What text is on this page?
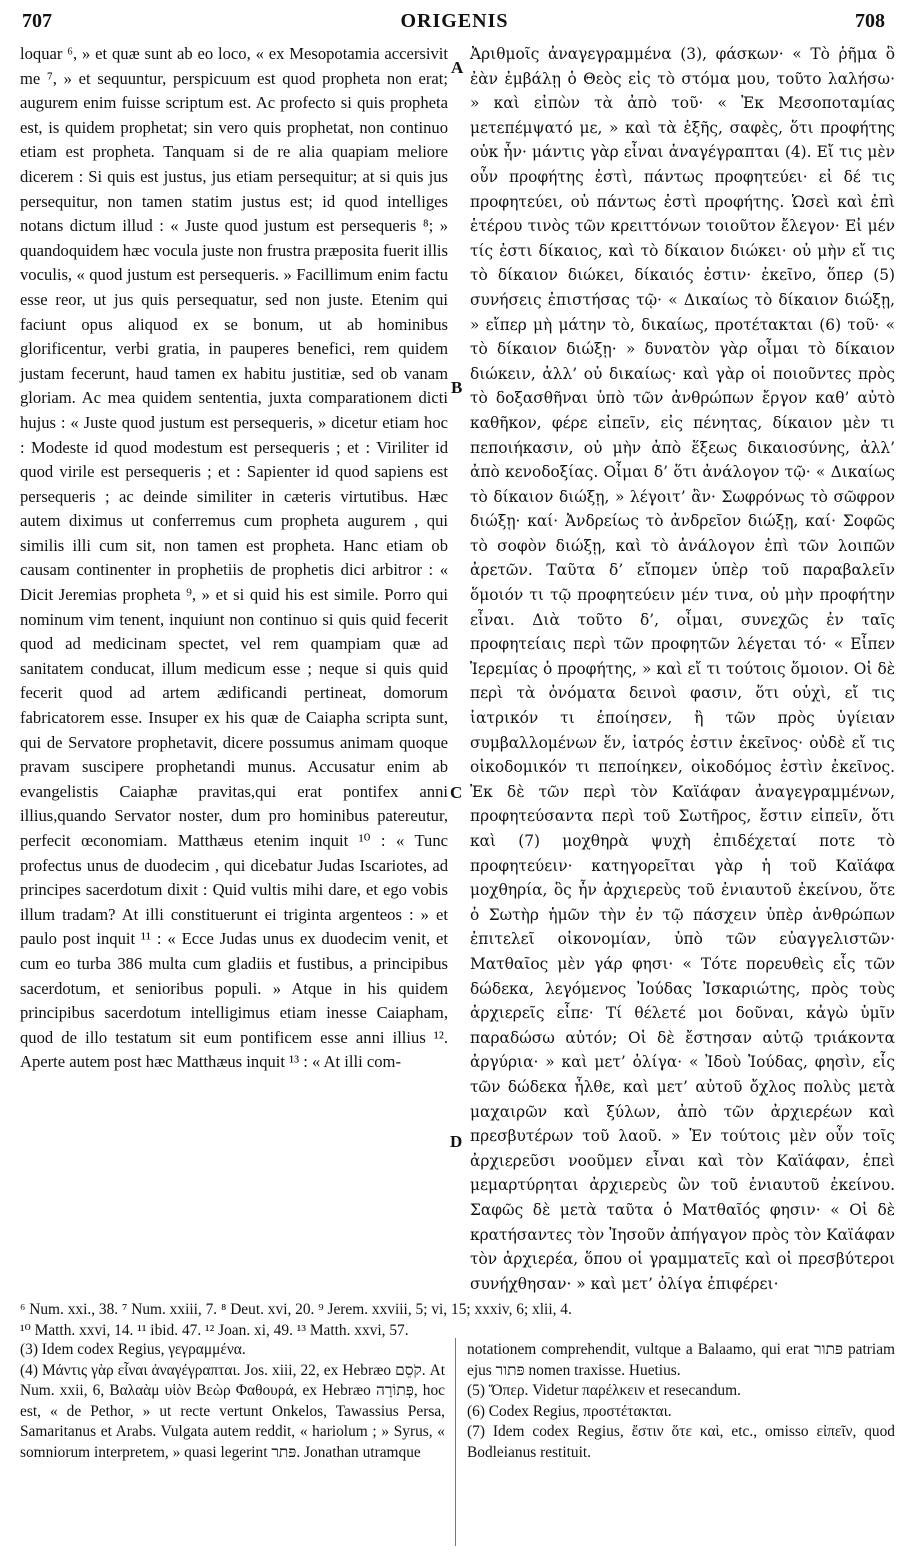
707	ORIGENIS	708

loquar ⁶, » et quæ sunt ab eo loco, « ex Mesopotamia accersivit me ⁷, » et sequuntur, perspicuum est quod propheta non erat; augurem enim fuisse scriptum est. Ac profecto si quis propheta est, is quidem prophetat; sin vero quis prophetat, non continuo etiam est propheta. Tanquam si de re alia quapiam meliore dicerem : Si quis est justus, jus etiam persequitur; at si quis jus persequitur, non tamen statim justus est; id quod intelliges notans dictum illud : « Juste quod justum est persequeris ⁸; » quandoquidem hæc vocula juste non frustra præposita fuerit illis voculis, « quod justum est persequeris. » Facillimum enim factu esse reor, ut jus quis persequatur, sed non juste. Etenim qui faciunt opus aliquod ex se bonum, ut ab hominibus glorificentur, verbi gratia, in pauperes benefici, rem quidem justam fecerunt, haud tamen ex habitu justitiæ, sed ob vanam gloriam. Ac mea quidem sententia, juxta comparationem dicti hujus : « Juste quod justum est persequeris, » dicetur etiam hoc : Modeste id quod modestum est persequeris ; et : Viriliter id quod virile est persequeris ; et : Sapienter id quod sapiens est persequeris ; ac deinde similiter in cæteris virtutibus. Hæc autem diximus ut conferremus cum propheta augurem , qui similis illi cum sit, non tamen est propheta. Hanc etiam ob causam continenter in prophetiis de prophetis dici arbitror : « Dicit Jeremias propheta ⁹, » et si quid his est simile. Porro qui nominum vim tenent, inquiunt non continuo si quis quid fecerit quod ad medicinam spectet, vel rem quampiam quæ ad sanitatem conducat, illum medicum esse ; neque si quis quid fecerit quod ad artem ædificandi pertineat, domorum fabricatorem esse. Insuper ex his quæ de Caiapha scripta sunt, qui de Servatore prophetavit, dicere possumus animam quoque pravam suscipere prophetandi munus. Accusatur enim ab evangelistis Caiaphæ pravitas,qui erat pontifex anni illius,quando Servator noster, dum pro hominibus patereutur, perfecit œconomiam. Matthæus etenim inquit ¹⁰ : « Tunc profectus unus de duodecim , qui dicebatur Judas Iscariotes, ad principes sacerdotum dixit : Quid vultis mihi dare, et ego vobis illum tradam? At illi constituerunt ei triginta argenteos : » et paulo post inquit ¹¹ : « Ecce Judas unus ex duodecim venit, et cum eo turba 386 multa cum gladiis et fustibus, a principibus sacerdotum, et senioribus populi. » Atque in his quidem principibus sacerdotum intelligimus etiam inesse Caiapham, quod de illo testatum sit eum pontificem esse anni illius ¹². Aperte autem post hæc Matthæus inquit ¹³ : « At illi com-

A
B
C
D

Ἀριθμοῖς ἀναγεγραμμένα (3), φάσκων· « Τὸ ῥῆμα ὃ ἐὰν ἐμβάλῃ ὁ Θεὸς εἰς τὸ στόμα μου, τοῦτο λαλήσω· » καὶ εἰπὼν τὰ ἀπὸ τοῦ· « Ἐκ Μεσοποταμίας μετεπέμψατό με, » καὶ τὰ ἑξῆς, σαφὲς, ὅτι προφήτης οὐκ ἦν· μάντις γὰρ εἶναι ἀναγέγραπται (4). Εἴ τις μὲν οὖν προφήτης ἐστὶ, πάντως προφητεύει· εἰ δέ τις προφητεύει, οὐ πάντως ἐστὶ προφήτης. Ὡσεὶ καὶ ἐπὶ ἑτέρου τινὸς τῶν κρειττόνων τοιοῦτον ἔλεγον· Εἰ μέν τίς ἐστι δίκαιος, καὶ τὸ δίκαιον διώκει· οὐ μὴν εἴ τις τὸ δίκαιον διώκει, δίκαιός ἐστιν· ἐκεῖνο, ὅπερ (5) συνήσεις ἐπιστήσας τῷ· « Δικαίως τὸ δίκαιον διώξῃ, » εἴπερ μὴ μάτην τὸ, δικαίως, προτέτακται (6) τοῦ· « τὸ δίκαιον διώξῃ· » δυνατὸν γὰρ οἶμαι τὸ δίκαιον διώκειν, ἀλλ’ οὐ δικαίως· καὶ γὰρ οἱ ποιοῦντες πρὸς τὸ δοξασθῆναι ὑπὸ τῶν ἀνθρώπων ἔργον καθ’ αὐτὸ καθῆκον, φέρε εἰπεῖν, εἰς πένητας, δίκαιον μὲν τι πεποιήκασιν, οὐ μὴν ἀπὸ ἕξεως δικαιοσύνης, ἀλλ’ ἀπὸ κενοδοξίας. Οἶμαι δ’ ὅτι ἀνάλογον τῷ· « Δικαίως τὸ δίκαιον διώξῃ, » λέγοιτ’ ἂν· Σωφρόνως τὸ σῶφρον διώξῃ· καί· Ἀνδρείως τὸ ἀνδρεῖον διώξῃ, καί· Σοφῶς τὸ σοφὸν διώξῃ, καὶ τὸ ἀνάλογον ἐπὶ τῶν λοιπῶν ἀρετῶν. Ταῦτα δ’ εἴπομεν ὑπὲρ τοῦ παραβαλεῖν ὅμοιόν τι τῷ προφητεύειν μέν τινα, οὐ μὴν προφήτην εἶναι. Διὰ τοῦτο δ’, οἶμαι, συνεχῶς ἐν ταῖς προφητείαις περὶ τῶν προφητῶν λέγεται τό· « Εἶπεν Ἱερεμίας ὁ προφήτης, » καὶ εἴ τι τούτοις ὅμοιον. Οἱ δὲ περὶ τὰ ὀνόματα δεινοὶ φασιν, ὅτι οὐχὶ, εἴ τις ἰατρικόν τι ἐποίησεν, ἢ τῶν πρὸς ὑγίειαν συμβαλλομένων ἕν, ἰατρός ἐστιν ἐκεῖνος· οὐδὲ εἴ τις οἰκοδομικόν τι πεποίηκεν, οἰκοδόμος ἐστὶν ἐκεῖνος. Ἐκ δὲ τῶν περὶ τὸν Καϊάφαν ἀναγεγραμμένων, προφητεύσαντα περὶ τοῦ Σωτῆρος, ἔστιν εἰπεῖν, ὅτι καὶ (7) μοχθηρὰ ψυχὴ ἐπιδέχεταί ποτε τὸ προφητεύειν· κατηγορεῖται γὰρ ἡ τοῦ Καϊάφα μοχθηρία, ὃς ἦν ἀρχιερεὺς τοῦ ἐνιαυτοῦ ἐκείνου, ὅτε ὁ Σωτὴρ ἡμῶν τὴν ἐν τῷ πάσχειν ὑπὲρ ἀνθρώπων ἐπιτελεῖ οἰκονομίαν, ὑπὸ τῶν εὐαγγελιστῶν· Ματθαῖος μὲν γάρ φησι· « Τότε πορευθεὶς εἷς τῶν δώδεκα, λεγόμενος Ἰούδας Ἰσκαριώτης, πρὸς τοὺς ἀρχιερεῖς εἶπε· Τί θέλετέ μοι δοῦναι, κἀγὼ ὑμῖν παραδώσω αὐτόν; Οἱ δὲ ἔστησαν αὐτῷ τριάκοντα ἀργύρια· » καὶ μετ’ ὀλίγα· « Ἰδοὺ Ἰούδας, φησὶν, εἷς τῶν δώδεκα ἦλθε, καὶ μετ’ αὐτοῦ ὄχλος πολὺς μετὰ μαχαιρῶν καὶ ξύλων, ἀπὸ τῶν ἀρχιερέων καὶ πρεσβυτέρων τοῦ λαοῦ. » Ἐν τούτοις μὲν οὖν τοῖς ἀρχιερεῦσι νοοῦμεν εἶναι καὶ τὸν Καϊάφαν, ἐπεὶ μεμαρτύρηται ἀρχιερεὺς ὢν τοῦ ἐνιαυτοῦ ἐκείνου. Σαφῶς δὲ μετὰ ταῦτα ὁ Ματθαῖός φησιν· « Οἱ δὲ κρατήσαντες τὸν Ἰησοῦν ἀπήγαγον πρὸς τὸν Καϊάφαν τὸν ἀρχιερέα, ὅπου οἱ γραμματεῖς καὶ οἱ πρεσβύτεροι συνήχθησαν· » καὶ μετ’ ὀλίγα ἐπιφέρει·

⁶ Num. xxi., 38. ⁷ Num. xxiii, 7. ⁸ Deut. xvi, 20. ⁹ Jerem. xxviii, 5; vi, 15; xxxiv, 6; xlii, 4.
¹⁰ Matth. xxvi, 14. ¹¹ ibid. 47. ¹² Joan. xi, 49. ¹³ Matth. xxvi, 57.
(3) Idem codex Regius, γεγραμμένα.
(4) Μάντις γὰρ εἶναι ἀναγέγραπται. Jos. xiii, 22, ex Hebræo קֹסֵם. At Num. xxii, 6, Βαλαὰμ υἱὸν Βεὼρ Φαθουρά, ex Hebræo פְּתוֹרָה, hoc est, « de Pethor, » ut recte vertunt Onkelos, Tawassius Persa, Samaritanus et Arabs. Vulgata autem reddit, « hariolum ; » Syrus, « somniorum interpretem, » quasi legerint פּתר. Jonathan utramque
notationem comprehendit, vultque a Balaamo, qui erat פּתור patriam ejus פּתור nomen traxisse. Huetius.
(5) Ὅπερ. Videtur παρέλκειν et resecandum.
(6) Codex Regius, προστέτακται.
(7) Idem codex Regius, ἔστιν ὅτε καὶ, etc., omisso εἰπεῖν, quod Bodleianus restituit.
